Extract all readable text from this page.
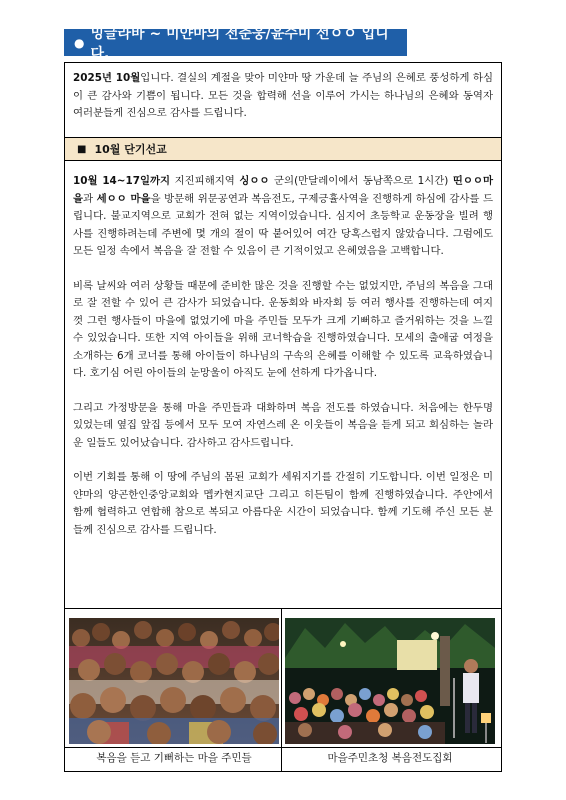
●
밍글라바 ~ 미얀마의 전준웅/윤수미 선ㅇㅇ 입니다.
2025년 10월입니다. 결실의 계절을 맞아 미얀마 땅 가운데 늘 주님의 은혜로 풍성하게 하심이 큰 감사와 기쁨이 됩니다. 모든 것을 합력해 선을 이루어 가시는 하나님의 은혜와 동역자 여러분들게 진심으로 감사를 드립니다.
■ 10월 단기선교

10월 14~17일까지 지진피해지역 싱ㅇㅇ 군의(만달레이에서 동남쪽으로 1시간) 띤ㅇㅇ마을과 세ㅇㅇ 마을을 방문해 위문공연과 복음전도, 구제긍휼사역을 진행하게 하심에 감사를 드립니다. 불교지역으로 교회가 전혀 없는 지역이었습니다. 심지어 초등학교 운동장을 빌려 행사를 진행하려는데 주변에 몇 개의 절이 딱 붙어있어 여간 당혹스럽지 않았습니다. 그럼에도 모든 일정 속에서 복음을 잘 전할 수 있음이 큰 기적이었고 은혜였음을 고백합니다.

비록 날씨와 여러 상황들 때문에 준비한 많은 것을 진행할 수는 없었지만, 주님의 복음을 그대로 잘 전할 수 있어 큰 감사가 되었습니다. 운동회와 바자회 등 여러 행사를 진행하는데 여지껏 그런 행사들이 마을에 없었기에 마을 주민들 모두가 크게 기뻐하고 즐거워하는 것을 느낄 수 있었습니다. 또한 지역 아이들을 위해 코너학습을 진행하였습니다. 모세의 출애굽 여정을 소개하는 6개 코너를 통해 아이들이 하나님의 구속의 은혜를 이해할 수 있도록 교육하였습니다. 호기심 어린 아이들의 눈망울이 아직도 눈에 선하게 다가옵니다.

그리고 가정방문을 통해 마을 주민들과 대화하며 복음 전도를 하였습니다. 처음에는 한두명 있었는데 옆집 앞집 등에서 모두 모여 자연스레 온 이웃들이 복음을 듣게 되고 회심하는 놀라운 일들도 있어났습니다. 감사하고 감사드립니다.

이번 기회를 통해 이 땅에 주님의 몸된 교회가 세워지기를 간절히 기도합니다. 이번 일정은 미얀마의 양곤한인중앙교회와 멥카현지교단 그리고 히든팀이 함께 진행하였습니다. 주안에서 함께 협력하고 연합해 참으로 복되고 아름다운 시간이 되었습니다. 함께 기도해 주신 모든 분들께 진심으로 감사를 드립니다.

복음을 듣고 기뻐하는 마을 주민들	마을주민초청 복음전도집회
